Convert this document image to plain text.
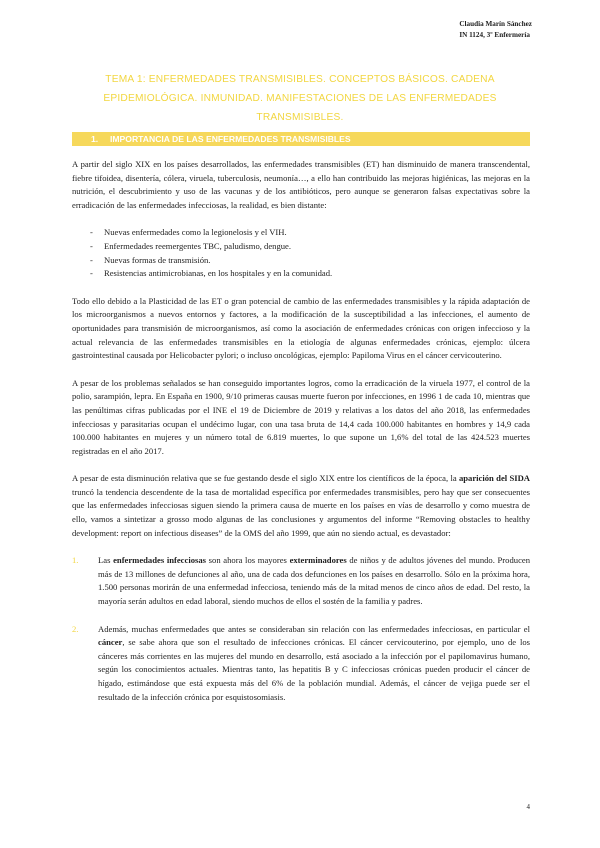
Claudia Marín Sánchez
IN 1124, 3º Enfermería
TEMA 1: ENFERMEDADES TRANSMISIBLES. CONCEPTOS BÁSICOS. CADENA EPIDEMIOLÓGICA. INMUNIDAD. MANIFESTACIONES DE LAS ENFERMEDADES TRANSMISIBLES.
1. IMPORTANCIA DE LAS ENFERMEDADES TRANSMISIBLES

A partir del siglo XIX en los países desarrollados, las enfermedades transmisibles (ET) han disminuido de manera transcendental, fiebre tifoidea, disentería, cólera, viruela, tuberculosis, neumonía…, a ello han contribuido las mejoras higiénicas, las mejoras en la nutrición, el descubrimiento y uso de las vacunas y de los antibióticos, pero aunque se generaron falsas expectativas sobre la erradicación de las enfermedades infecciosas, la realidad, es bien distante:

- Nuevas enfermedades como la legionelosis y el VIH.
- Enfermedades reemergentes TBC, paludismo, dengue.
- Nuevas formas de transmisión.
- Resistencias antimicrobianas, en los hospitales y en la comunidad.

Todo ello debido a la Plasticidad de las ET o gran potencial de cambio de las enfermedades transmisibles y la rápida adaptación de los microorganismos a nuevos entornos y factores, a la modificación de la susceptibilidad a las infecciones, el aumento de oportunidades para transmisión de microorganismos, así como la asociación de enfermedades crónicas con origen infeccioso y la actual relevancia de las enfermedades transmisibles en la etiología de algunas enfermedades crónicas, ejemplo: úlcera gastrointestinal causada por Helicobacter pylori; o incluso oncológicas, ejemplo: Papiloma Virus en el cáncer cervicouterino.

A pesar de los problemas señalados se han conseguido importantes logros, como la erradicación de la viruela 1977, el control de la polio, sarampión, lepra. En España en 1900, 9/10 primeras causas muerte fueron por infecciones, en 1996 1 de cada 10, mientras que las penúltimas cifras publicadas por el INE el 19 de Diciembre de 2019 y relativas a los datos del año 2018, las enfermedades infecciosas y parasitarias ocupan el undécimo lugar, con una tasa bruta de 14,4 cada 100.000 habitantes en hombres y 14,9 cada 100.000 habitantes en mujeres y un número total de 6.819 muertes, lo que supone un 1,6% del total de las 424.523 muertes registradas en el año 2017.

A pesar de esta disminución relativa que se fue gestando desde el siglo XIX entre los científicos de la época, la aparición del SIDA truncó la tendencia descendente de la tasa de mortalidad específica por enfermedades transmisibles, pero hay que ser consecuentes que las enfermedades infecciosas siguen siendo la primera causa de muerte en los países en vías de desarrollo y como muestra de ello, vamos a sintetizar a grosso modo algunas de las conclusiones y argumentos del informe “Removing obstacles to healthy development: report on infectious diseases” de la OMS del año 1999, que aún no siendo actual, es devastador:

1. Las enfermedades infecciosas son ahora los mayores exterminadores de niños y de adultos jóvenes del mundo. Producen más de 13 millones de defunciones al año, una de cada dos defunciones en los países en desarrollo. Sólo en la próxima hora, 1.500 personas morirán de una enfermedad infecciosa, teniendo más de la mitad menos de cinco años de edad. Del resto, la mayoría serán adultos en edad laboral, siendo muchos de ellos el sostén de la familia y padres.
2. Además, muchas enfermedades que antes se consideraban sin relación con las enfermedades infecciosas, en particular el cáncer, se sabe ahora que son el resultado de infecciones crónicas. El cáncer cervicouterino, por ejemplo, uno de los cánceres más corrientes en las mujeres del mundo en desarrollo, está asociado a la infección por el papilomavirus humano, según los conocimientos actuales. Mientras tanto, las hepatitis B y C infecciosas crónicas pueden producir el cáncer de hígado, estimándose que está expuesta más del 6% de la población mundial. Además, el cáncer de vejiga puede ser el resultado de la infección crónica por esquistosomiasis.
4
